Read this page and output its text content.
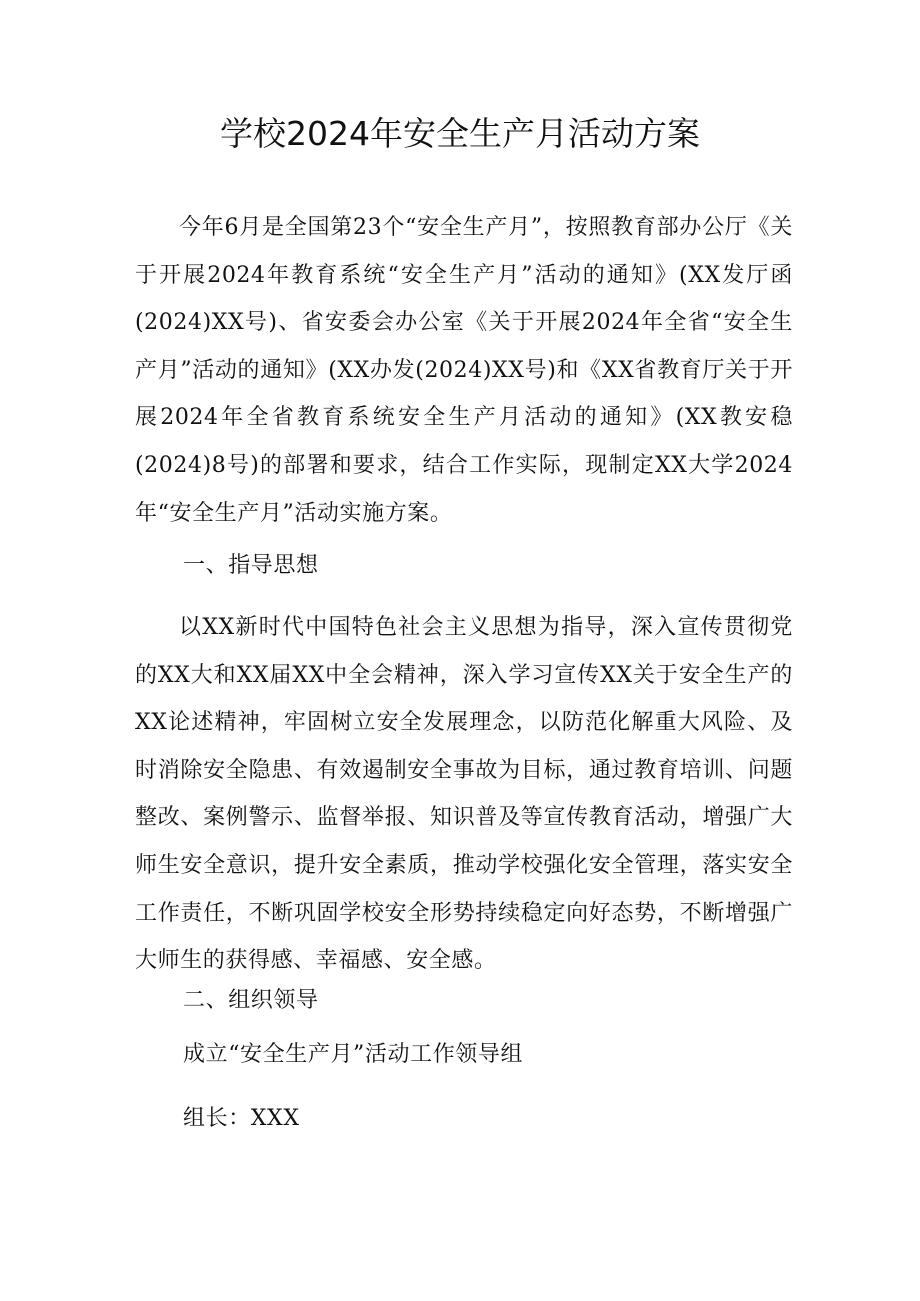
学校2024年安全生产月活动方案
今年6月是全国第23个“安全生产月”，按照教育部办公厅《关于开展2024年教育系统“安全生产月”活动的通知》(XX发厅函(2024)XX号)、省安委会办公室《关于开展2024年全省“安全生产月”活动的通知》(XX办发(2024)XX号)和《XX省教育厅关于开展2024年全省教育系统安全生产月活动的通知》(XX教安稳(2024)8号)的部署和要求，结合工作实际，现制定XX大学2024年“安全生产月”活动实施方案。
一、指导思想
以XX新时代中国特色社会主义思想为指导，深入宣传贯彻党的XX大和XX届XX中全会精神，深入学习宣传XX关于安全生产的XX论述精神，牢固树立安全发展理念，以防范化解重大风险、及时消除安全隐患、有效遏制安全事故为目标，通过教育培训、问题整改、案例警示、监督举报、知识普及等宣传教育活动，增强广大师生安全意识，提升安全素质，推动学校强化安全管理，落实安全工作责任，不断巩固学校安全形势持续稳定向好态势，不断增强广大师生的获得感、幸福感、安全感。
二、组织领导
成立“安全生产月”活动工作领导组
组长：XXX
